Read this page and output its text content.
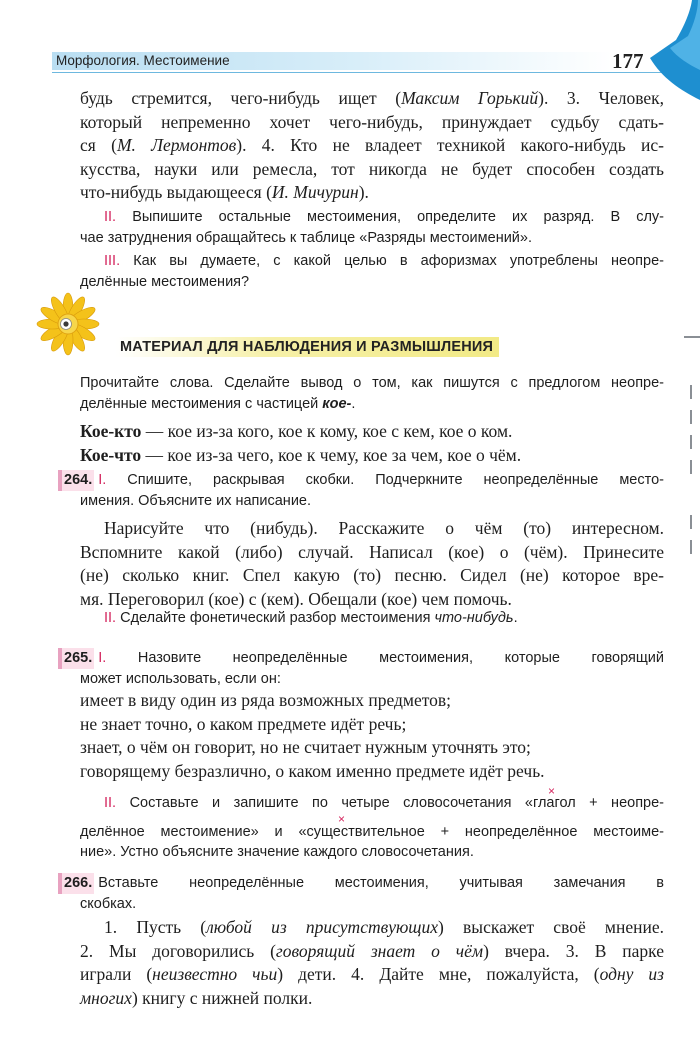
Морфология. Местоимение	177
будь стремится, чего-нибудь ищет (Максим Горький). 3. Человек,
который непременно хочет чего-нибудь, принуждает судьбу сдать-
ся (М. Лермонтов). 4. Кто не владеет техникой какого-нибудь ис-
кусства, науки или ремесла, тот никогда не будет способен создать
что-нибудь выдающееся (И. Мичурин).
II. Выпишите остальные местоимения, определите их разряд. В слу-
чае затруднения обращайтесь к таблице «Разряды местоимений».
III. Как вы думаете, с какой целью в афоризмах употреблены неопре-
делённые местоимения?
МАТЕРИАЛ ДЛЯ НАБЛЮДЕНИЯ И РАЗМЫШЛЕНИЯ
Прочитайте слова. Сделайте вывод о том, как пишутся с предлогом неопре-
делённые местоимения с частицей кое-.
Кое-кто — кое из-за кого, кое к кому, кое с кем, кое о ком.
Кое-что — кое из-за чего, кое к чему, кое за чем, кое о чём.
264. I. Спишите, раскрывая скобки. Подчеркните неопределённые место-
имения. Объясните их написание.
Нарисуйте что (нибудь). Расскажите о чём (то) интересном.
Вспомните какой (либо) случай. Написал (кое) о (чём). Принесите
(не) сколько книг. Спел какую (то) песню. Сидел (не) которое вре-
мя. Переговорил (кое) с (кем). Обещали (кое) чем помочь.
II. Сделайте фонетический разбор местоимения что-нибудь.
265. I. Назовите неопределённые местоимения, которые говорящий
может использовать, если он:
имеет в виду один из ряда возможных предметов;
не знает точно, о каком предмете идёт речь;
знает, о чём он говорит, но не считает нужным уточнять это;
говорящему безразлично, о каком именно предмете идёт речь.
×
×
II. Составьте и запишите по четыре словосочетания «глагол + неопре-
делённое местоимение» и «существительное + неопределённое местоиме-
ние». Устно объясните значение каждого словосочетания.
266. Вставьте неопределённые местоимения, учитывая замечания в
скобках.
1. Пусть (любой из присутствующих) выскажет своё мнение.
2. Мы договорились (говорящий знает о чём) вчера. 3. В парке
играли (неизвестно чьи) дети. 4. Дайте мне, пожалуйста, (одну из
многих) книгу с нижней полки.
